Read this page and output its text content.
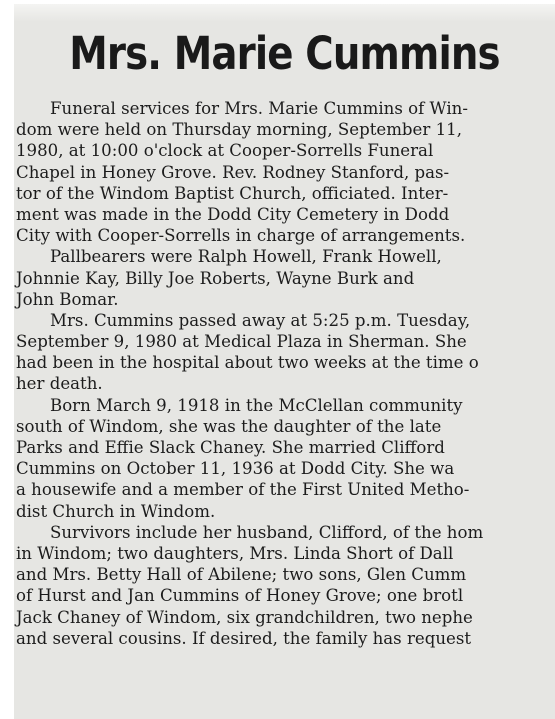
Mrs. Marie Cummins
Funeral services for Mrs. Marie Cummins of Win-
dom were held on Thursday morning, September 11,
1980, at 10:00 o'clock at Cooper-Sorrells Funeral
Chapel in Honey Grove. Rev. Rodney Stanford, pas-
tor of the Windom Baptist Church, officiated. Inter-
ment was made in the Dodd City Cemetery in Dodd
City with Cooper-Sorrells in charge of arrangements.
Pallbearers were Ralph Howell, Frank Howell,
Johnnie Kay, Billy Joe Roberts, Wayne Burk and
John Bomar.
Mrs. Cummins passed away at 5:25 p.m. Tuesday,
September 9, 1980 at Medical Plaza in Sherman. She
had been in the hospital about two weeks at the time o
her death.
Born March 9, 1918 in the McClellan community
south of Windom, she was the daughter of the late
Parks and Effie Slack Chaney. She married Clifford
Cummins on October 11, 1936 at Dodd City. She wa
a housewife and a member of the First United Metho-
dist Church in Windom.
Survivors include her husband, Clifford, of the hom
in Windom; two daughters, Mrs. Linda Short of Dall
and Mrs. Betty Hall of Abilene; two sons, Glen Cumm
of Hurst and Jan Cummins of Honey Grove; one brotl
Jack Chaney of Windom, six grandchildren, two nephe
and several cousins. If desired, the family has request
